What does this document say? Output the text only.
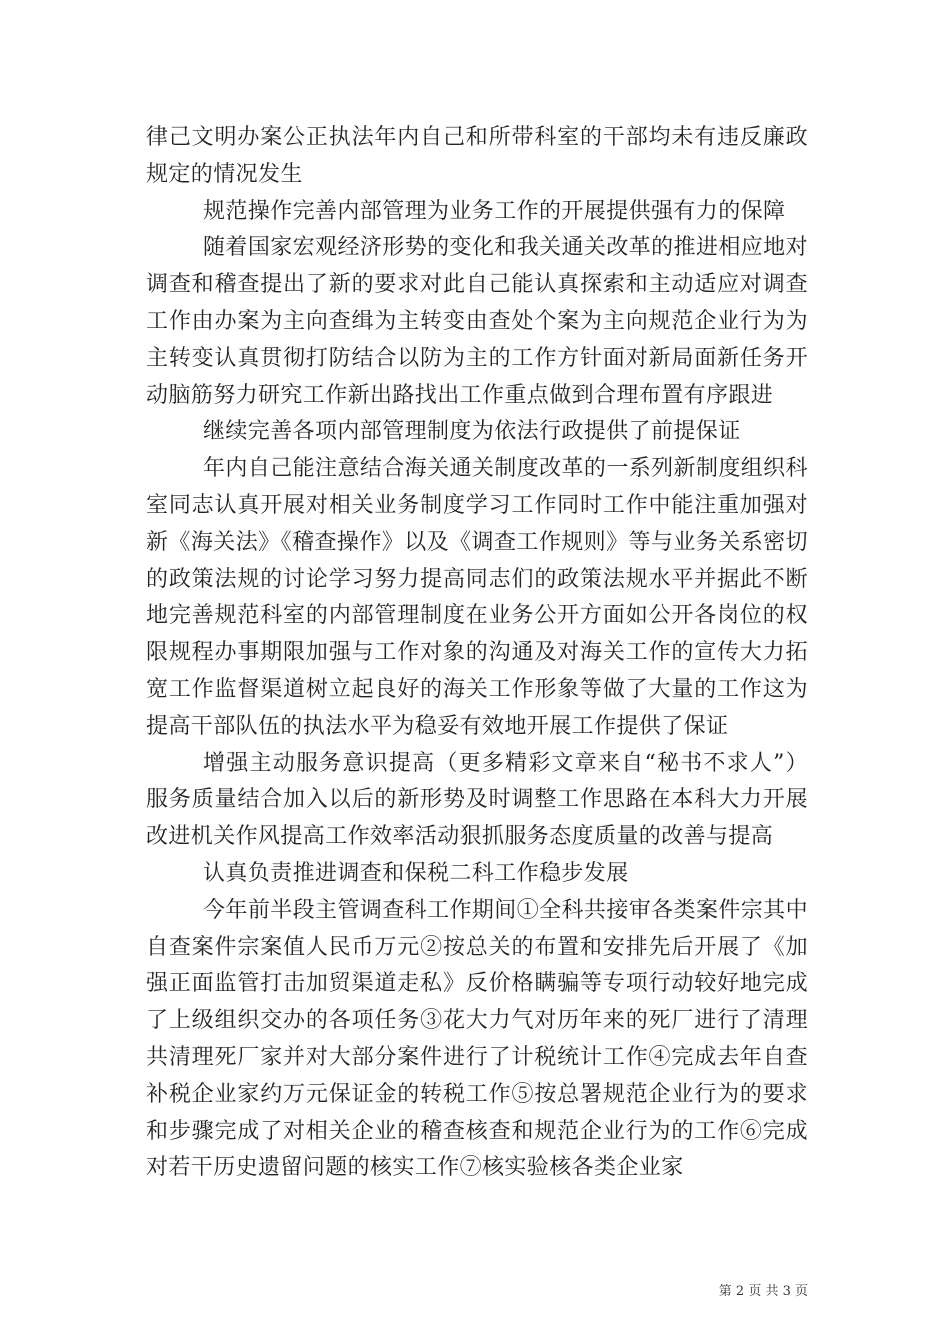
律己文明办案公正执法年内自己和所带科室的干部均未有违反廉政规定的情况发生

规范操作完善内部管理为业务工作的开展提供强有力的保障

随着国家宏观经济形势的变化和我关通关改革的推进相应地对调查和稽查提出了新的要求对此自己能认真探索和主动适应对调查工作由办案为主向查缉为主转变由查处个案为主向规范企业行为为主转变认真贯彻打防结合以防为主的工作方针面对新局面新任务开动脑筋努力研究工作新出路找出工作重点做到合理布置有序跟进

继续完善各项内部管理制度为依法行政提供了前提保证

年内自己能注意结合海关通关制度改革的一系列新制度组织科室同志认真开展对相关业务制度学习工作同时工作中能注重加强对新《海关法》《稽查操作》以及《调查工作规则》等与业务关系密切的政策法规的讨论学习努力提高同志们的政策法规水平并据此不断地完善规范科室的内部管理制度在业务公开方面如公开各岗位的权限规程办事期限加强与工作对象的沟通及对海关工作的宣传大力拓宽工作监督渠道树立起良好的海关工作形象等做了大量的工作这为提高干部队伍的执法水平为稳妥有效地开展工作提供了保证

增强主动服务意识提高（更多精彩文章来自“秘书不求人”）服务质量结合加入以后的新形势及时调整工作思路在本科大力开展改进机关作风提高工作效率活动狠抓服务态度质量的改善与提高

认真负责推进调查和保税二科工作稳步发展

今年前半段主管调查科工作期间①全科共接审各类案件宗其中自查案件宗案值人民币万元②按总关的布置和安排先后开展了《加强正面监管打击加贸渠道走私》反价格瞒骗等专项行动较好地完成了上级组织交办的各项任务③花大力气对历年来的死厂进行了清理共清理死厂家并对大部分案件进行了计税统计工作④完成去年自查补税企业家约万元保证金的转税工作⑤按总署规范企业行为的要求和步骤完成了对相关企业的稽查核查和规范企业行为的工作⑥完成对若干历史遗留问题的核实工作⑦核实验核各类企业家

第 2 页 共 3 页
